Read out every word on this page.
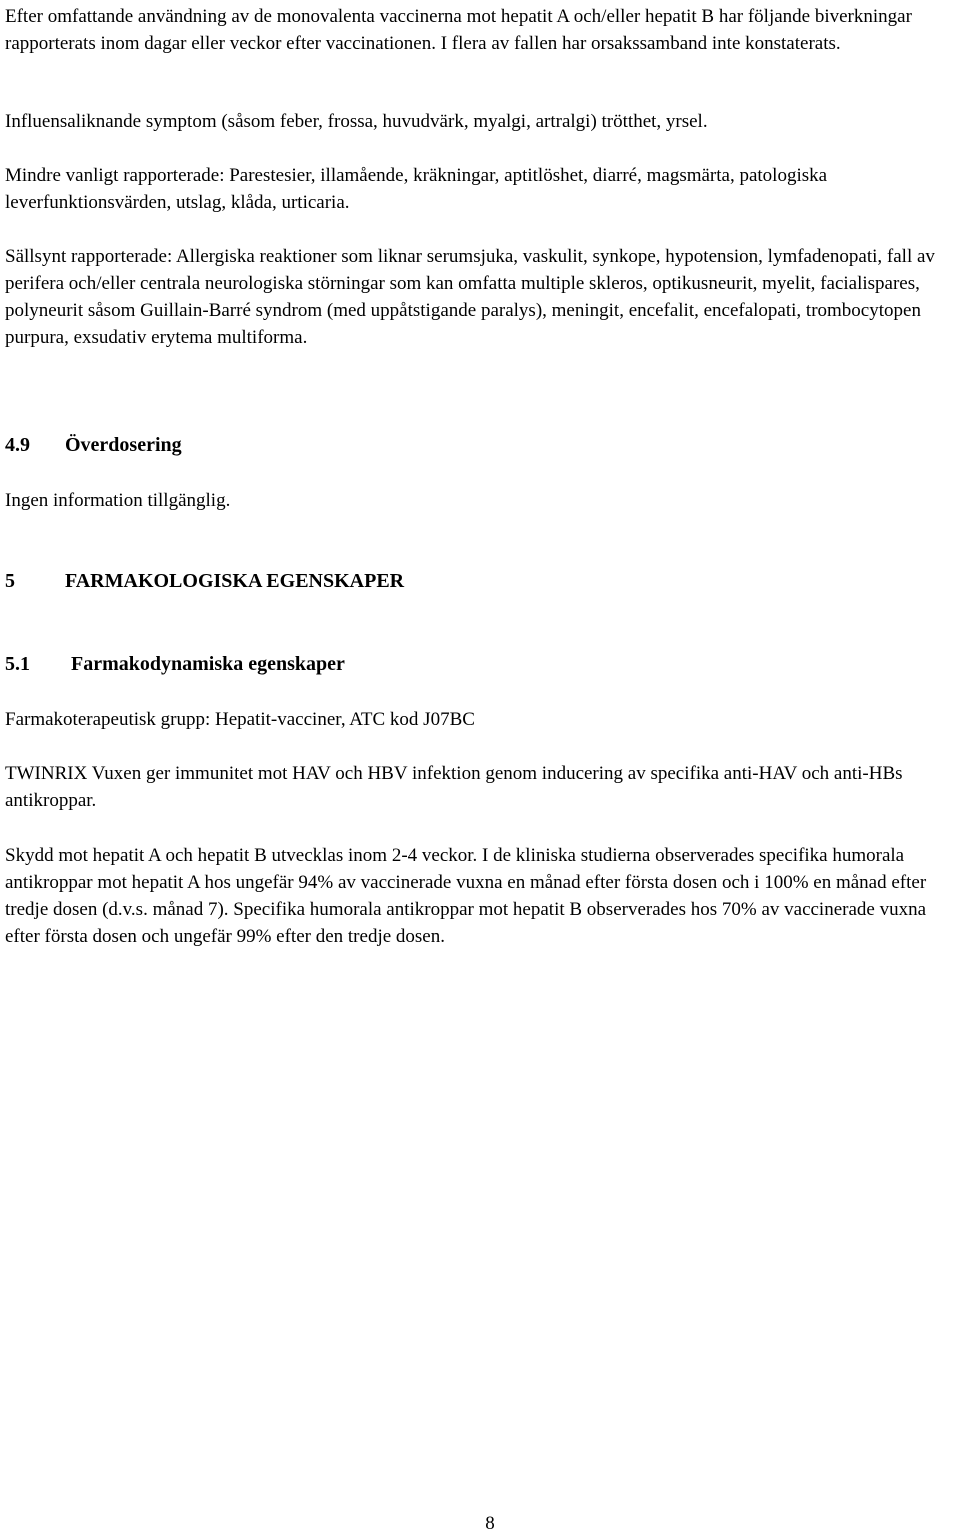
Efter omfattande användning av de monovalenta vaccinerna mot hepatit A och/eller hepatit B har följande biverkningar rapporterats inom dagar eller veckor efter vaccinationen. I flera av fallen har orsakssamband inte konstaterats.

Influensaliknande symptom (såsom feber, frossa, huvudvärk, myalgi, artralgi) trötthet, yrsel.

Mindre vanligt rapporterade: Parestesier, illamående, kräkningar, aptitlöshet, diarré, magsmärta, patologiska leverfunktionsvärden, utslag, klåda, urticaria.

Sällsynt rapporterade: Allergiska reaktioner som liknar serumsjuka, vaskulit, synkope, hypotension, lymfadenopati, fall av perifera och/eller centrala neurologiska störningar som kan omfatta multiple skleros, optikusneurit, myelit, facialispares, polyneurit såsom Guillain-Barré syndrom (med uppåtstigande paralys), meningit, encefalit, encefalopati, trombocytopen purpura, exsudativ erytema multiforma.

4.9 Överdosering

Ingen information tillgänglig.

5	FARMAKOLOGISKA EGENSKAPER
5.1 Farmakodynamiska egenskaper

Farmakoterapeutisk grupp: Hepatit-vacciner, ATC kod J07BC

TWINRIX Vuxen ger immunitet mot HAV och HBV infektion genom inducering av specifika anti-HAV och anti-HBs antikroppar.

Skydd mot hepatit A och hepatit B utvecklas inom 2-4 veckor. I de kliniska studierna observerades specifika humorala antikroppar mot hepatit A hos ungefär 94% av vaccinerade vuxna en månad efter första dosen och i 100% en månad efter tredje dosen (d.v.s. månad 7). Specifika humorala antikroppar mot hepatit B observerades hos 70% av vaccinerade vuxna efter första dosen och ungefär 99% efter den tredje dosen.

8
